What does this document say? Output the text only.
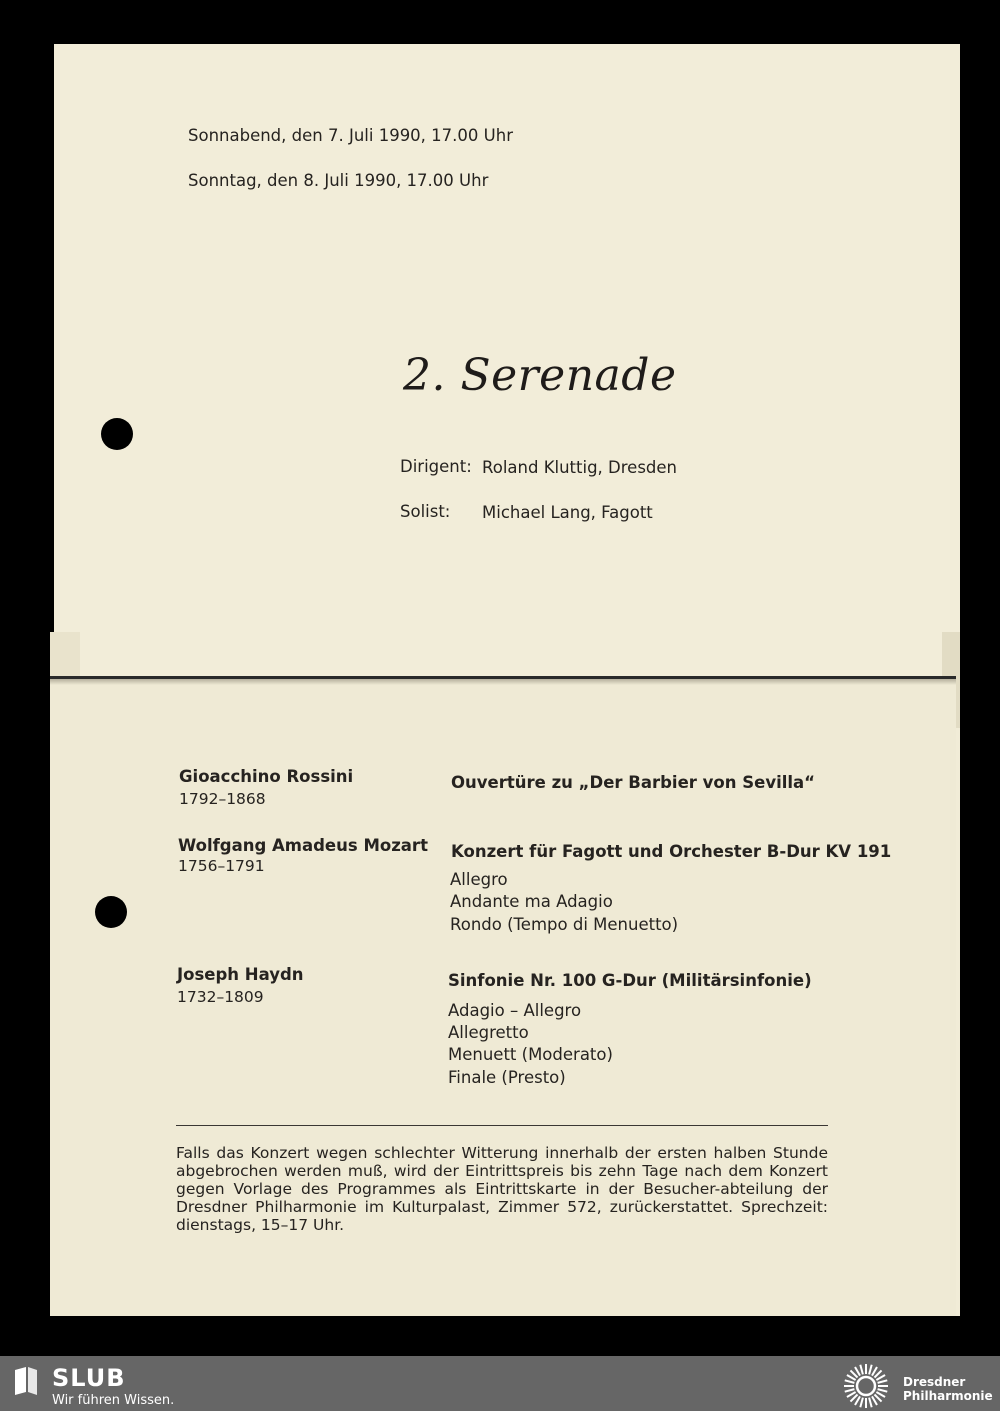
Sonnabend, den 7. Juli 1990, 17.00 Uhr
Sonntag, den 8. Juli 1990, 17.00 Uhr
2. Serenade
Dirigent: Roland Kluttig, Dresden
Solist: Michael Lang, Fagott
Gioacchino Rossini
1792–1868
Ouvertüre zu „Der Barbier von Sevilla“
Wolfgang Amadeus Mozart
1756–1791
Konzert für Fagott und Orchester B-Dur KV 191
Allegro
Andante ma Adagio
Rondo (Tempo di Menuetto)
Joseph Haydn
1732–1809
Sinfonie Nr. 100 G-Dur (Militärsinfonie)
Adagio – Allegro
Allegretto
Menuett (Moderato)
Finale (Presto)
Falls das Konzert wegen schlechter Witterung innerhalb der ersten halben Stunde abgebrochen werden muß, wird der Eintrittspreis bis zehn Tage nach dem Konzert gegen Vorlage des Programmes als Eintrittskarte in der Besucher-abteilung der Dresdner Philharmonie im Kulturpalast, Zimmer 572, zurückerstattet. Sprechzeit: dienstags, 15–17 Uhr.
SLUB
Wir führen Wissen.
Dresdner
Philharmonie
